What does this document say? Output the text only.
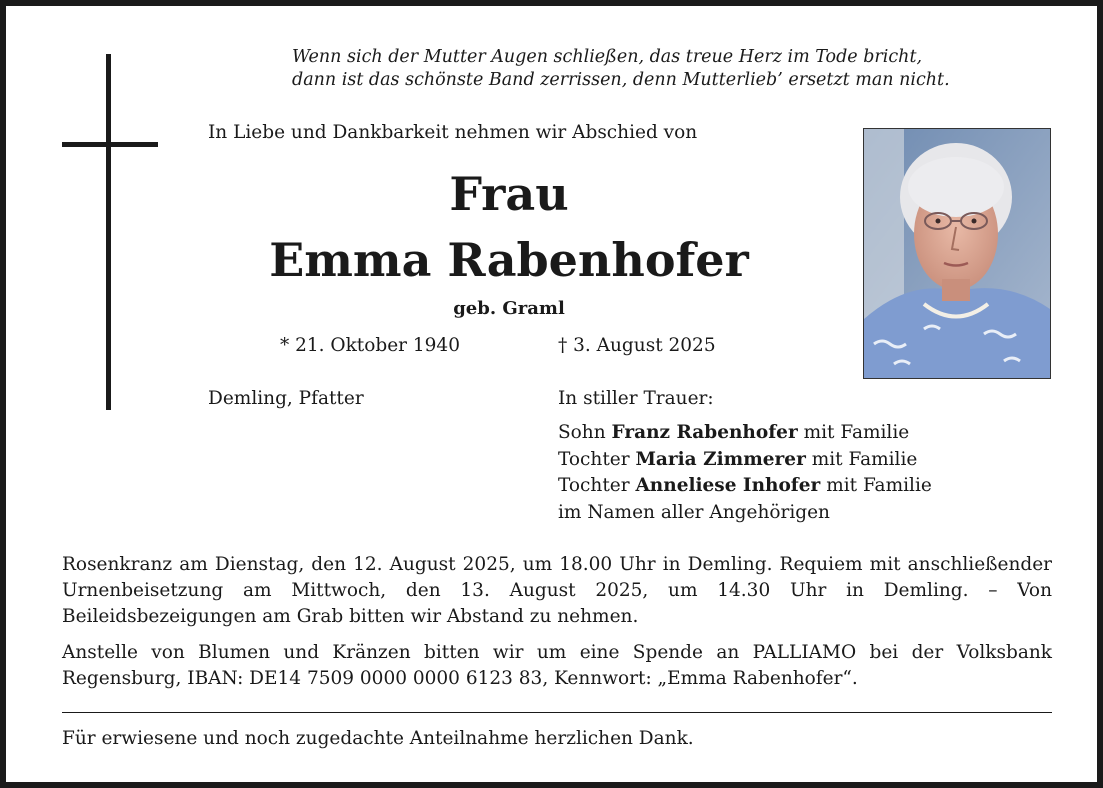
Wenn sich der Mutter Augen schließen, das treue Herz im Tode bricht,
dann ist das schönste Band zerrissen, denn Mutterlieb’ ersetzt man nicht.
In Liebe und Dankbarkeit nehmen wir Abschied von
Frau
Emma Rabenhofer
geb. Graml
* 21. Oktober 1940	† 3. August 2025
Demling, Pfatter	In stiller Trauer:
Sohn Franz Rabenhofer mit Familie
Tochter Maria Zimmerer mit Familie
Tochter Anneliese Inhofer mit Familie
im Namen aller Angehörigen
Rosenkranz am Dienstag, den 12. August 2025, um 18.00 Uhr in Demling. Requiem mit anschließender Urnenbeisetzung am Mittwoch, den 13. August 2025, um 14.30 Uhr in Demling. – Von Beileidsbezeigungen am Grab bitten wir Abstand zu nehmen.
Anstelle von Blumen und Kränzen bitten wir um eine Spende an PALLIAMO bei der Volksbank Regensburg, IBAN: DE14 7509 0000 0000 6123 83, Kennwort: „Emma Rabenhofer“.
Für erwiesene und noch zugedachte Anteilnahme herzlichen Dank.
